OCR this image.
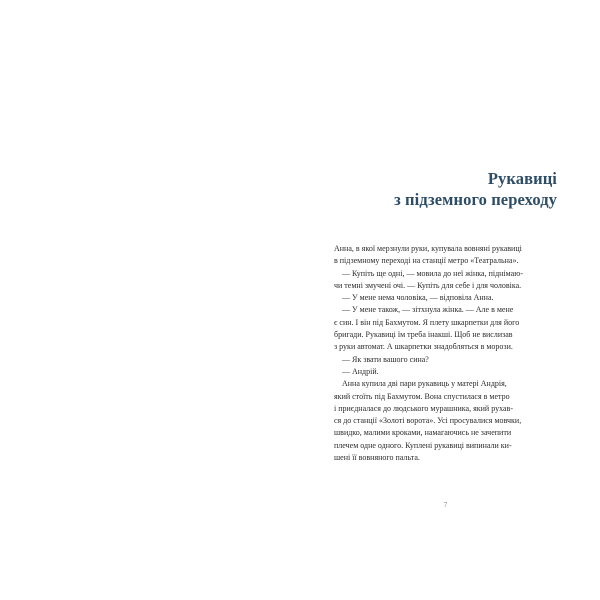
Рукавиці
з підземного переходу

Анна, в якої мерзнули руки, купувала вовняні рукавиці
в підземному переході на станції метро «Театральна».
— Купіть ще одні, — мовила до неї жінка, піднімаю-
чи темні змучені очі. — Купіть для себе і для чоловіка.
— У мене нема чоловіка, — відповіла Анна.
— У мене також, — зітхнула жінка. — Але в мене
є син. І він під Бахмутом. Я плету шкарпетки для його
бригади. Рукавиці їм треба інакші. Щоб не вислизав
з руки автомат. А шкарпетки знадобляться в морози.
— Як звати вашого сина?
— Андрій.
Анна купила дві пари рукавиць у матері Андрія,
який стоїть під Бахмутом. Вона спустилася в метро
і приєдналася до людського мурашника, який рухав-
ся до станції «Золоті ворота». Усі просувалися мовчки,
швидко, малими кроками, намагаючись не зачепити
плечем одне одного. Куплені рукавиці випинали ки-
шені її вовняного пальта.

7
